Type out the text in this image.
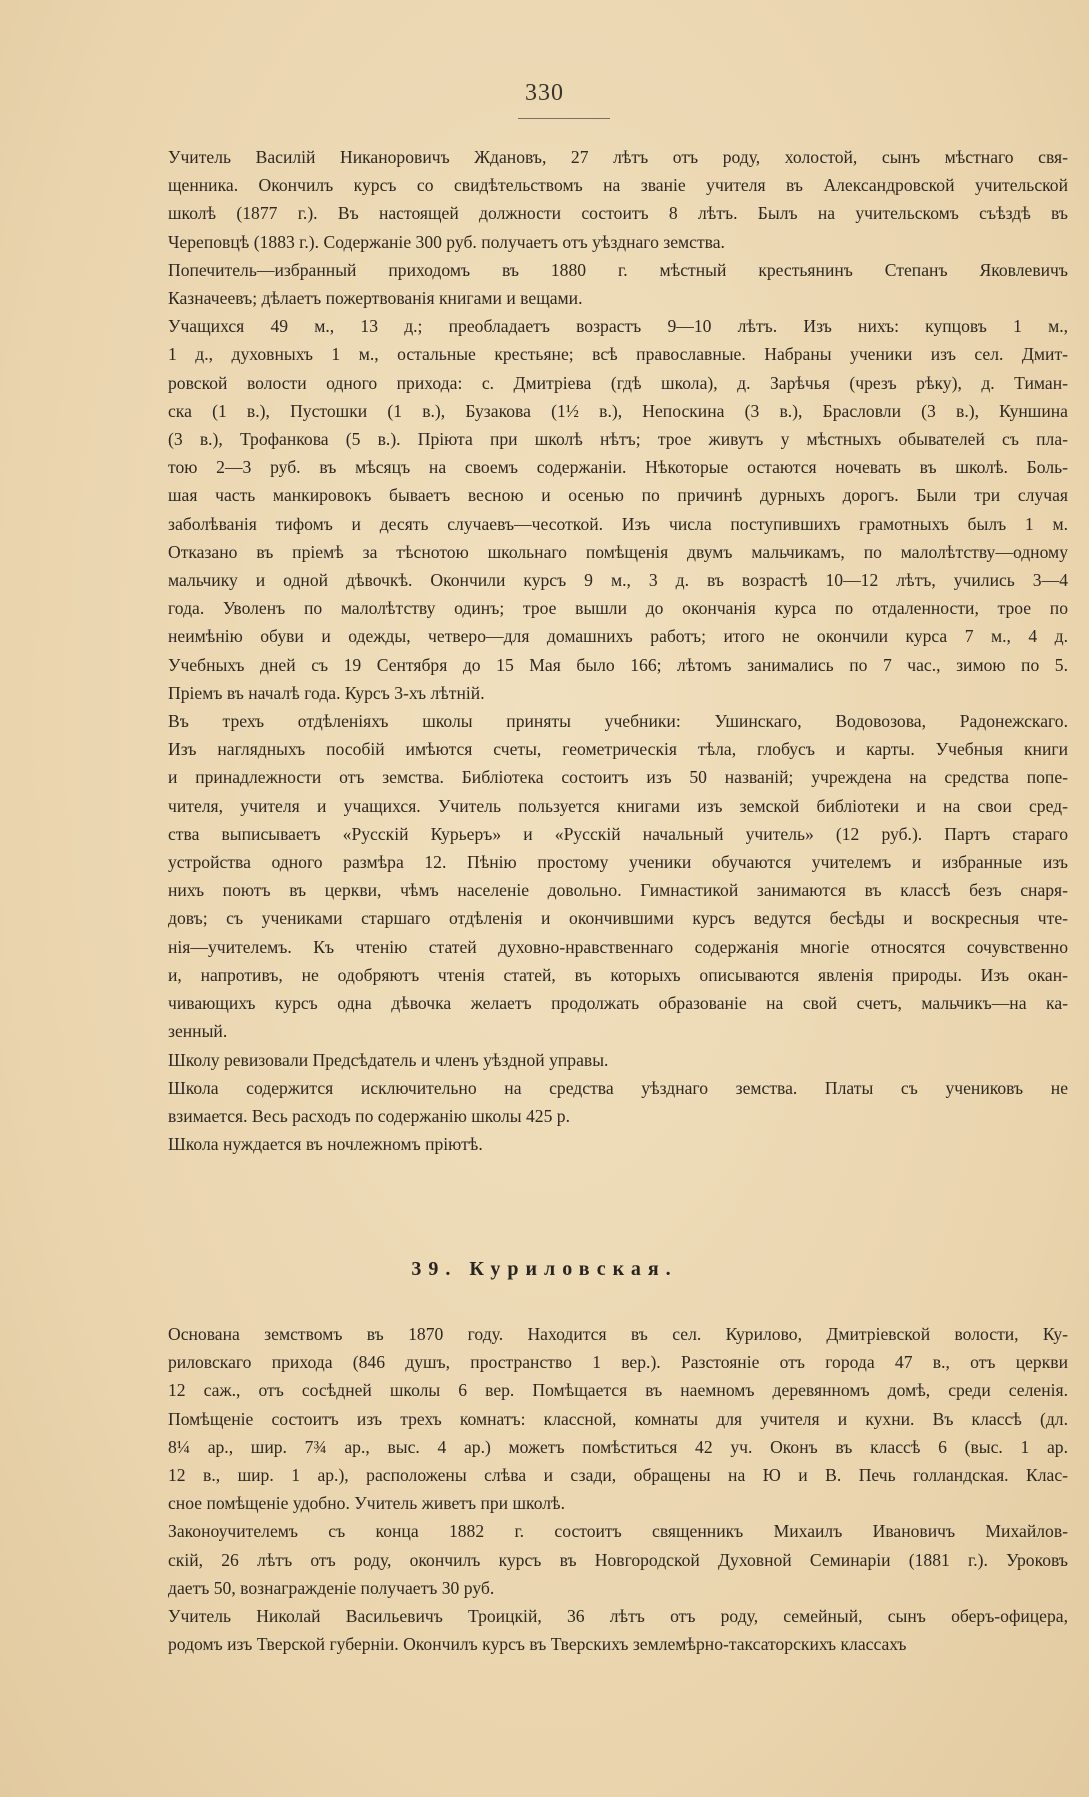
330

Учитель Василій Никаноровичъ Ждановъ, 27 лѣтъ отъ роду, холостой, сынъ мѣстнаго свя-
щенника. Окончилъ курсъ со свидѣтельствомъ на званіе учителя въ Александровской учительской
школѣ (1877 г.). Въ настоящей должности состоитъ 8 лѣтъ. Былъ на учительскомъ съѣздѣ въ
Череповцѣ (1883 г.). Содержаніе 300 руб. получаетъ отъ уѣзднаго земства.

Попечитель—избранный приходомъ въ 1880 г. мѣстный крестьянинъ Степанъ Яковлевичъ
Казначеевъ; дѣлаетъ пожертвованія книгами и вещами.

Учащихся 49 м., 13 д.; преобладаетъ возрастъ 9—10 лѣтъ. Изъ нихъ: купцовъ 1 м.,
1 д., духовныхъ 1 м., остальные крестьяне; всѣ православные. Набраны ученики изъ сел. Дмит-
ровской волости одного прихода: с. Дмитріева (гдѣ школа), д. Зарѣчья (чрезъ рѣку), д. Тиман-
ска (1 в.), Пустошки (1 в.), Бузакова (1½ в.), Непоскина (3 в.), Брасловли (3 в.), Куншина
(3 в.), Трофанкова (5 в.). Пріюта при школѣ нѣтъ; трое живутъ у мѣстныхъ обывателей съ пла-
тою 2—3 руб. въ мѣсяцъ на своемъ содержаніи. Нѣкоторые остаются ночевать въ школѣ. Боль-
шая часть манкировокъ бываетъ весною и осенью по причинѣ дурныхъ дорогъ. Были три случая
заболѣванія тифомъ и десять случаевъ—чесоткой. Изъ числа поступившихъ грамотныхъ былъ 1 м.
Отказано въ пріемѣ за тѣснотою школьнаго помѣщенія двумъ мальчикамъ, по малолѣтству—одному
мальчику и одной дѣвочкѣ. Окончили курсъ 9 м., 3 д. въ возрастѣ 10—12 лѣтъ, учились 3—4
года. Уволенъ по малолѣтству одинъ; трое вышли до окончанія курса по отдаленности, трое по
неимѣнію обуви и одежды, четверо—для домашнихъ работъ; итого не окончили курса 7 м., 4 д.
Учебныхъ дней съ 19 Сентября до 15 Мая было 166; лѣтомъ занимались по 7 час., зимою по 5.
Пріемъ въ началѣ года. Курсъ 3-хъ лѣтній.

Въ трехъ отдѣленіяхъ школы приняты учебники: Ушинскаго, Водовозова, Радонежскаго.
Изъ наглядныхъ пособій имѣются счеты, геометрическія тѣла, глобусъ и карты. Учебныя книги
и принадлежности отъ земства. Библіотека состоитъ изъ 50 названій; учреждена на средства попе-
чителя, учителя и учащихся. Учитель пользуется книгами изъ земской библіотеки и на свои сред-
ства выписываетъ «Русскій Курьеръ» и «Русскій начальный учитель» (12 руб.). Партъ стараго
устройства одного размѣра 12. Пѣнію простому ученики обучаются учителемъ и избранные изъ
нихъ поютъ въ церкви, чѣмъ населеніе довольно. Гимнастикой занимаются въ классѣ безъ снаря-
довъ; съ учениками старшаго отдѣленія и окончившими курсъ ведутся бесѣды и воскресныя чте-
нія—учителемъ. Къ чтенію статей духовно-нравственнаго содержанія многіе относятся сочувственно
и, напротивъ, не одобряютъ чтенія статей, въ которыхъ описываются явленія природы. Изъ окан-
чивающихъ курсъ одна дѣвочка желаетъ продолжать образованіе на свой счетъ, мальчикъ—на ка-
зенный.

Школу ревизовали Предсѣдатель и членъ уѣздной управы.

Школа содержится исключительно на средства уѣзднаго земства. Платы съ учениковъ не
взимается. Весь расходъ по содержанію школы 425 р.

Школа нуждается въ ночлежномъ пріютѣ.

39. Куриловская.

Основана земствомъ въ 1870 году. Находится въ сел. Курилово, Дмитріевской волости, Ку-
риловскаго прихода (846 душъ, пространство 1 вер.). Разстояніе отъ города 47 в., отъ церкви
12 саж., отъ сосѣдней школы 6 вер. Помѣщается въ наемномъ деревянномъ домѣ, среди селенія.
Помѣщеніе состоитъ изъ трехъ комнатъ: классной, комнаты для учителя и кухни. Въ классѣ (дл.
8¼ ар., шир. 7¾ ар., выс. 4 ар.) можетъ помѣститься 42 уч. Оконъ въ классѣ 6 (выс. 1 ар.
12 в., шир. 1 ар.), расположены слѣва и сзади, обращены на Ю и В. Печь голландская. Клас-
сное помѣщеніе удобно. Учитель живетъ при школѣ.

Законоучителемъ съ конца 1882 г. состоитъ священникъ Михаилъ Ивановичъ Михайлов-
скій, 26 лѣтъ отъ роду, окончилъ курсъ въ Новгородской Духовной Семинаріи (1881 г.). Уроковъ
даетъ 50, вознагражденіе получаетъ 30 руб.

Учитель Николай Васильевичъ Троицкій, 36 лѣтъ отъ роду, семейный, сынъ оберъ-офицера,
родомъ изъ Тверской губерніи. Окончилъ курсъ въ Тверскихъ землемѣрно-таксаторскихъ классахъ
